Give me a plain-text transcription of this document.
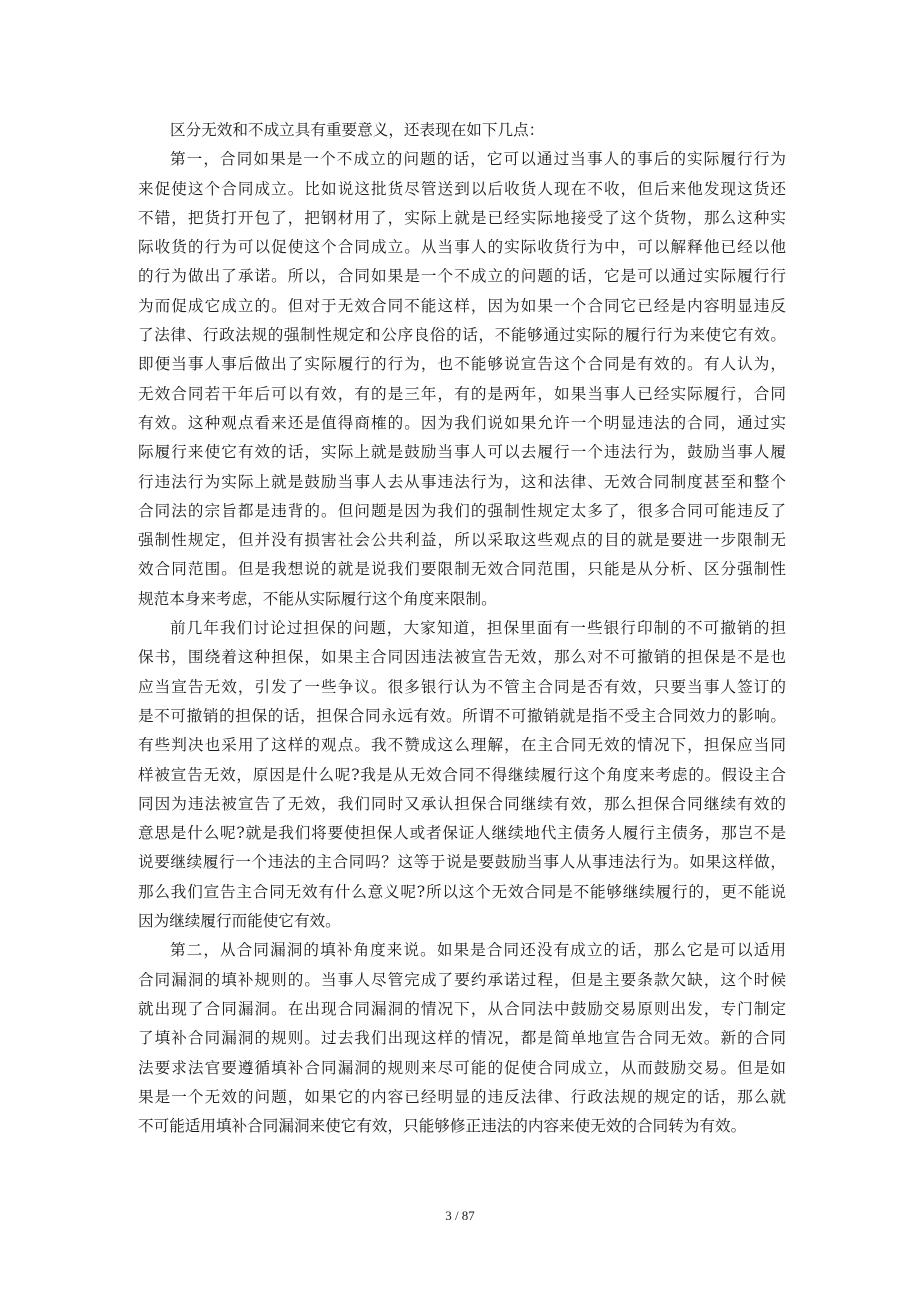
区分无效和不成立具有重要意义，还表现在如下几点：
第一，合同如果是一个不成立的问题的话，它可以通过当事人的事后的实际履行行为
来促使这个合同成立。比如说这批货尽管送到以后收货人现在不收，但后来他发现这货还
不错，把货打开包了，把钢材用了，实际上就是已经实际地接受了这个货物，那么这种实
际收货的行为可以促使这个合同成立。从当事人的实际收货行为中，可以解释他已经以他
的行为做出了承诺。所以，合同如果是一个不成立的问题的话，它是可以通过实际履行行
为而促成它成立的。但对于无效合同不能这样，因为如果一个合同它已经是内容明显违反
了法律、行政法规的强制性规定和公序良俗的话，不能够通过实际的履行行为来使它有效。
即便当事人事后做出了实际履行的行为，也不能够说宣告这个合同是有效的。有人认为，
无效合同若干年后可以有效，有的是三年，有的是两年，如果当事人已经实际履行，合同
有效。这种观点看来还是值得商榷的。因为我们说如果允许一个明显违法的合同，通过实
际履行来使它有效的话，实际上就是鼓励当事人可以去履行一个违法行为，鼓励当事人履
行违法行为实际上就是鼓励当事人去从事违法行为，这和法律、无效合同制度甚至和整个
合同法的宗旨都是违背的。但问题是因为我们的强制性规定太多了，很多合同可能违反了
强制性规定，但并没有损害社会公共利益，所以采取这些观点的目的就是要进一步限制无
效合同范围。但是我想说的就是说我们要限制无效合同范围，只能是从分析、区分强制性
规范本身来考虑，不能从实际履行这个角度来限制。
前几年我们讨论过担保的问题，大家知道，担保里面有一些银行印制的不可撤销的担
保书，围绕着这种担保，如果主合同因违法被宣告无效，那么对不可撤销的担保是不是也
应当宣告无效，引发了一些争议。很多银行认为不管主合同是否有效，只要当事人签订的
是不可撤销的担保的话，担保合同永远有效。所谓不可撤销就是指不受主合同效力的影响。
有些判决也采用了这样的观点。我不赞成这么理解，在主合同无效的情况下，担保应当同
样被宣告无效，原因是什么呢?我是从无效合同不得继续履行这个角度来考虑的。假设主合
同因为违法被宣告了无效，我们同时又承认担保合同继续有效，那么担保合同继续有效的
意思是什么呢?就是我们将要使担保人或者保证人继续地代主债务人履行主债务，那岂不是
说要继续履行一个违法的主合同吗？这等于说是要鼓励当事人从事违法行为。如果这样做，
那么我们宣告主合同无效有什么意义呢?所以这个无效合同是不能够继续履行的，更不能说
因为继续履行而能使它有效。
第二，从合同漏洞的填补角度来说。如果是合同还没有成立的话，那么它是可以适用
合同漏洞的填补规则的。当事人尽管完成了要约承诺过程，但是主要条款欠缺，这个时候
就出现了合同漏洞。在出现合同漏洞的情况下，从合同法中鼓励交易原则出发，专门制定
了填补合同漏洞的规则。过去我们出现这样的情况，都是简单地宣告合同无效。新的合同
法要求法官要遵循填补合同漏洞的规则来尽可能的促使合同成立，从而鼓励交易。但是如
果是一个无效的问题，如果它的内容已经明显的违反法律、行政法规的规定的话，那么就
不可能适用填补合同漏洞来使它有效，只能够修正违法的内容来使无效的合同转为有效。
3 / 87
